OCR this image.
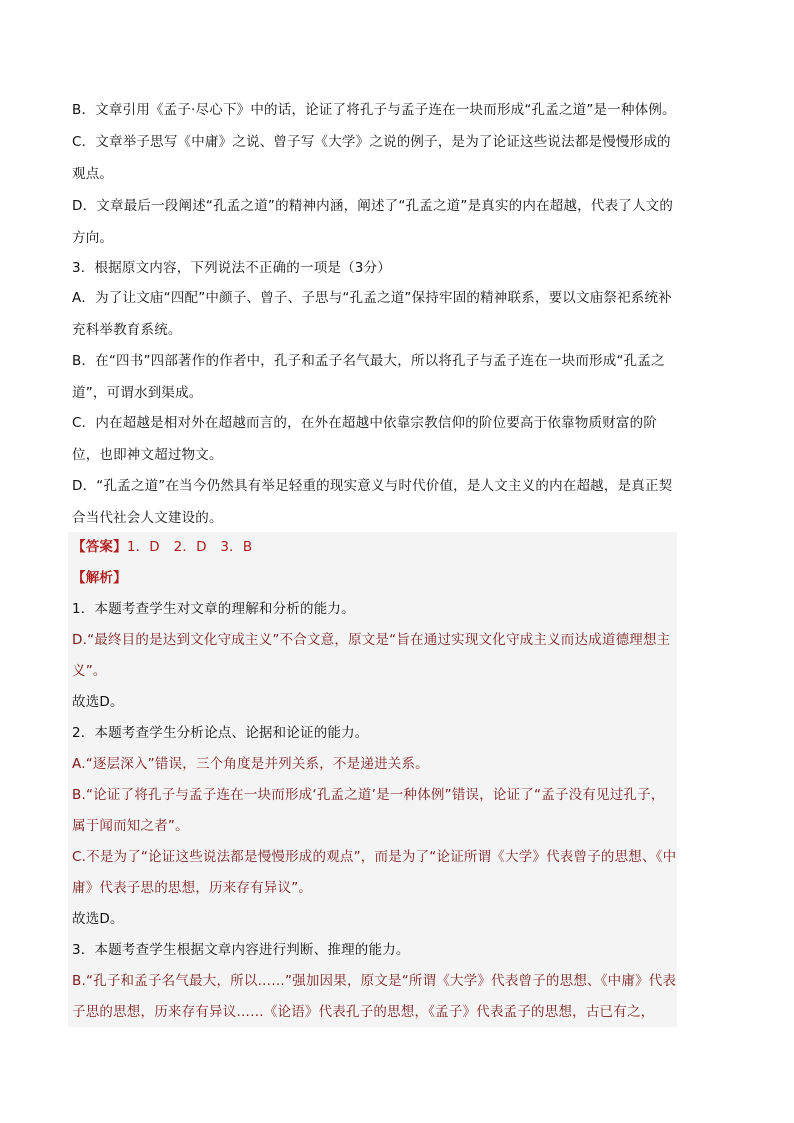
B．文章引用《孟子·尽心下》中的话，论证了将孔子与孟子连在一块而形成“孔孟之道”是一种体例。

C．文章举子思写《中庸》之说、曾子写《大学》之说的例子，是为了论证这些说法都是慢慢形成的观点。

D．文章最后一段阐述“孔孟之道”的精神内涵，阐述了“孔孟之道”是真实的内在超越，代表了人文的方向。

3．根据原文内容，下列说法不正确的一项是（3分）

A．为了让文庙“四配”中颜子、曾子、子思与“孔孟之道”保持牢固的精神联系，要以文庙祭祀系统补充科举教育系统。

B．在“四书”四部著作的作者中，孔子和孟子名气最大，所以将孔子与孟子连在一块而形成“孔孟之道”，可谓水到渠成。

C．内在超越是相对外在超越而言的，在外在超越中依靠宗教信仰的阶位要高于依靠物质财富的阶位，也即神文超过物文。

D．“孔孟之道”在当今仍然具有举足轻重的现实意义与时代价值，是人文主义的内在超越，是真正契合当代社会人文建设的。

【答案】1．D　2．D　3．B

【解析】

1．本题考查学生对文章的理解和分析的能力。

D.“最终目的是达到文化守成主义”不合文意，原文是“旨在通过实现文化守成主义而达成道德理想主义”。

故选D。

2．本题考查学生分析论点、论据和论证的能力。

A.“逐层深入”错误，三个角度是并列关系，不是递进关系。

B.“论证了将孔子与孟子连在一块而形成‘孔孟之道’是一种体例”错误，论证了“孟子没有见过孔子，属于闻而知之者”。

C.不是为了“论证这些说法都是慢慢形成的观点”，而是为了“论证所谓《大学》代表曾子的思想、《中庸》代表子思的思想，历来存有异议”。

故选D。

3．本题考查学生根据文章内容进行判断、推理的能力。

B.“孔子和孟子名气最大，所以……”强加因果，原文是“所谓《大学》代表曾子的思想、《中庸》代表子思的思想，历来存有异议……《论语》代表孔子的思想，《孟子》代表孟子的思想，古已有之，
